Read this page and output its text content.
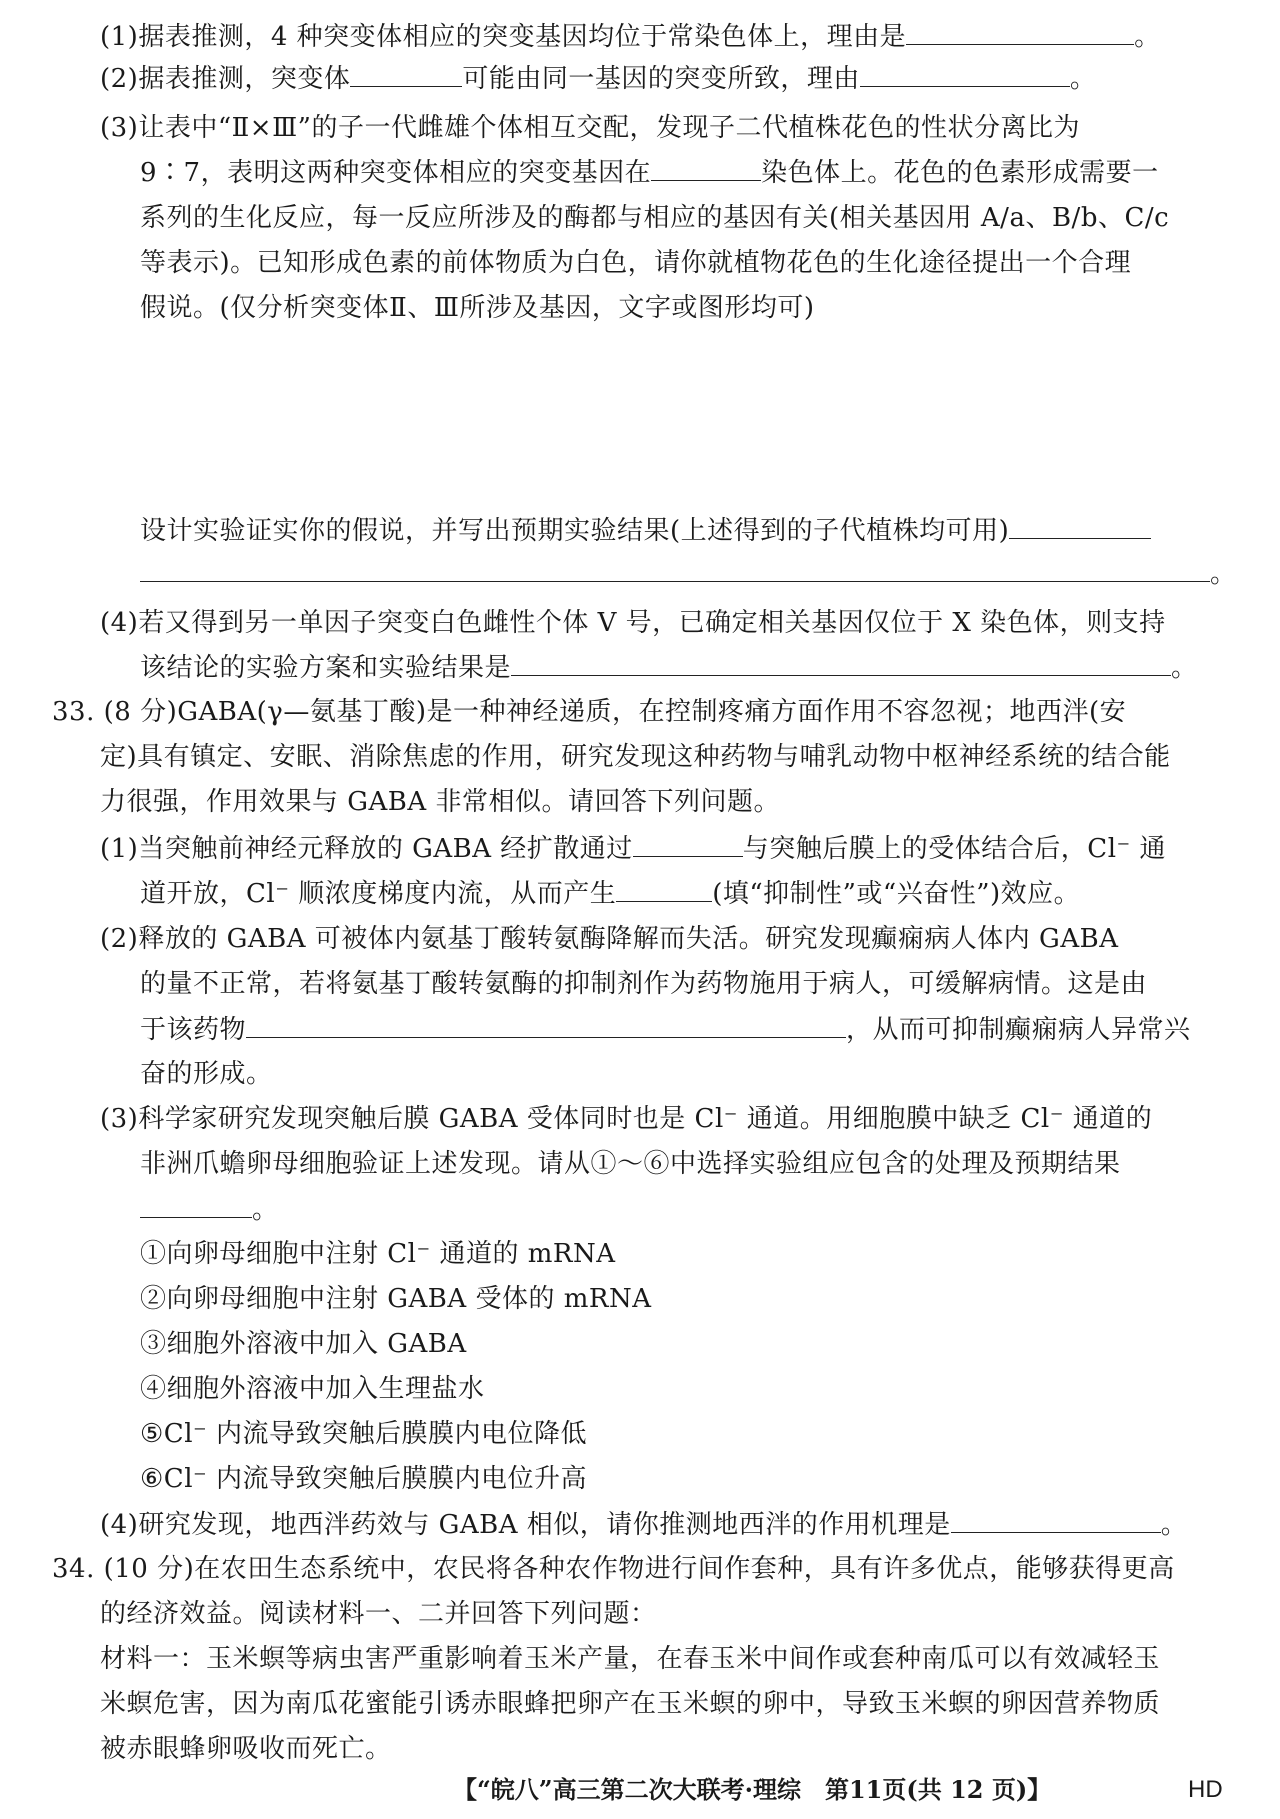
(1)据表推测，4 种突变体相应的突变基因均位于常染色体上，理由是	。
(2)据表推测，突变体	可能由同一基因的突变所致，理由	。
(3)让表中“Ⅱ×Ⅲ”的子一代雌雄个体相互交配，发现子二代植株花色的性状分离比为
9∶7，表明这两种突变体相应的突变基因在	染色体上。花色的色素形成需要一
系列的生化反应，每一反应所涉及的酶都与相应的基因有关(相关基因用 A/a、B/b、C/c
等表示)。已知形成色素的前体物质为白色，请你就植物花色的生化途径提出一个合理
假说。(仅分析突变体Ⅱ、Ⅲ所涉及基因，文字或图形均可)
设计实验证实你的假说，并写出预期实验结果(上述得到的子代植株均可用)
。
(4)若又得到另一单因子突变白色雌性个体 V 号，已确定相关基因仅位于 X 染色体，则支持
该结论的实验方案和实验结果是	。
33. (8 分)GABA(γ—氨基丁酸)是一种神经递质，在控制疼痛方面作用不容忽视；地西泮(安
定)具有镇定、安眠、消除焦虑的作用，研究发现这种药物与哺乳动物中枢神经系统的结合能
力很强，作用效果与 GABA 非常相似。请回答下列问题。
(1)当突触前神经元释放的 GABA 经扩散通过	与突触后膜上的受体结合后，Cl⁻ 通
道开放，Cl⁻ 顺浓度梯度内流，从而产生	(填“抑制性”或“兴奋性”)效应。
(2)释放的 GABA 可被体内氨基丁酸转氨酶降解而失活。研究发现癫痫病人体内 GABA
的量不正常，若将氨基丁酸转氨酶的抑制剂作为药物施用于病人，可缓解病情。这是由
于该药物	，从而可抑制癫痫病人异常兴
奋的形成。
(3)科学家研究发现突触后膜 GABA 受体同时也是 Cl⁻ 通道。用细胞膜中缺乏 Cl⁻ 通道的
非洲爪蟾卵母细胞验证上述发现。请从①～⑥中选择实验组应包含的处理及预期结果
。
①向卵母细胞中注射 Cl⁻ 通道的 mRNA
②向卵母细胞中注射 GABA 受体的 mRNA
③细胞外溶液中加入 GABA
④细胞外溶液中加入生理盐水
⑤Cl⁻ 内流导致突触后膜膜内电位降低
⑥Cl⁻ 内流导致突触后膜膜内电位升高
(4)研究发现，地西泮药效与 GABA 相似，请你推测地西泮的作用机理是	。
34. (10 分)在农田生态系统中，农民将各种农作物进行间作套种，具有许多优点，能够获得更高
的经济效益。阅读材料一、二并回答下列问题：
材料一：玉米螟等病虫害严重影响着玉米产量，在春玉米中间作或套种南瓜可以有效减轻玉
米螟危害，因为南瓜花蜜能引诱赤眼蜂把卵产在玉米螟的卵中，导致玉米螟的卵因营养物质
被赤眼蜂卵吸收而死亡。
【“皖八”高三第二次大联考·理综　第11页(共 12 页)】	HD
